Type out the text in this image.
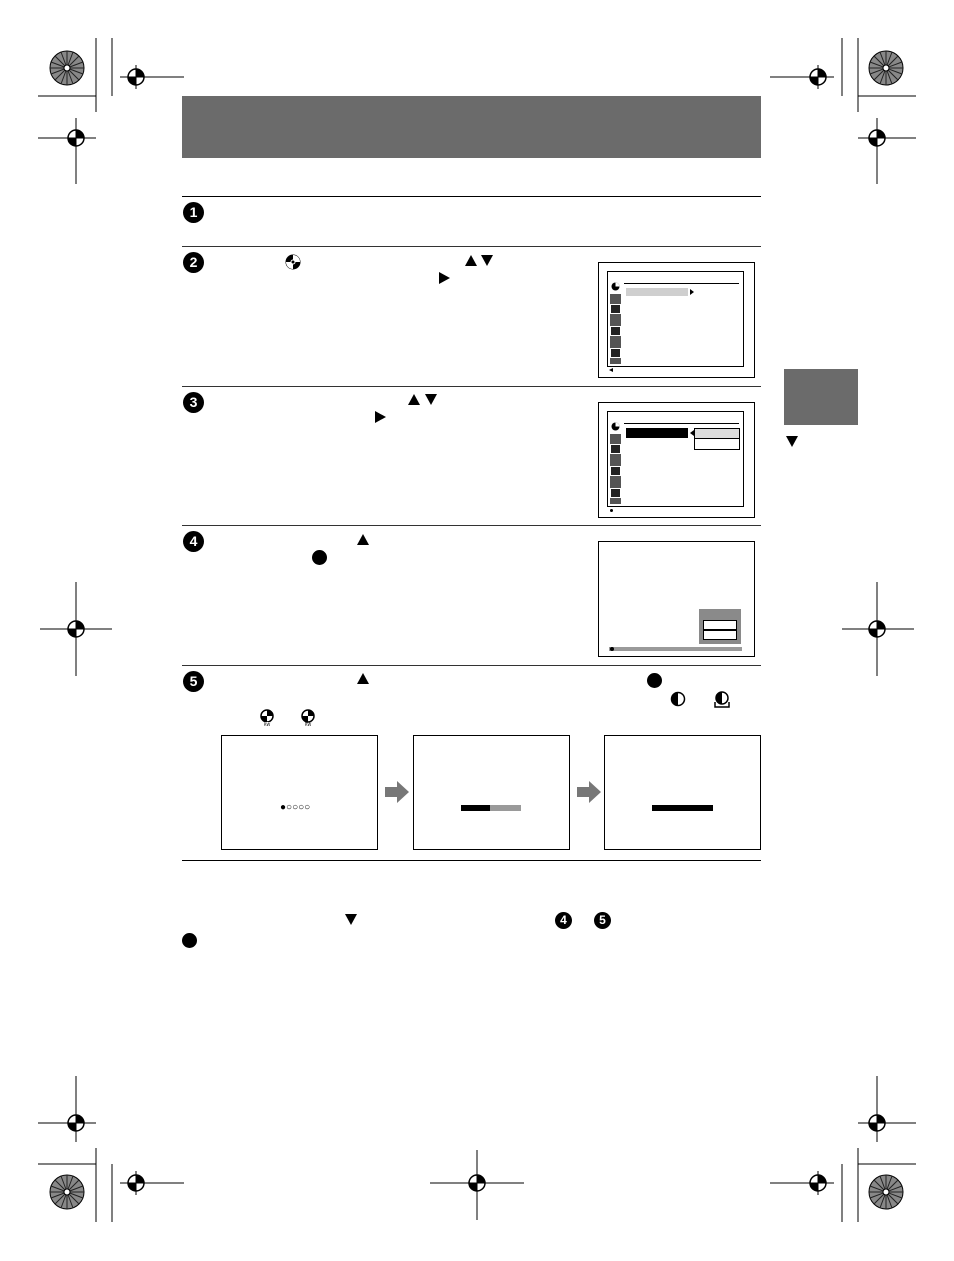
1
2
3
4
5
RW	RW
●○○○○
4	5
